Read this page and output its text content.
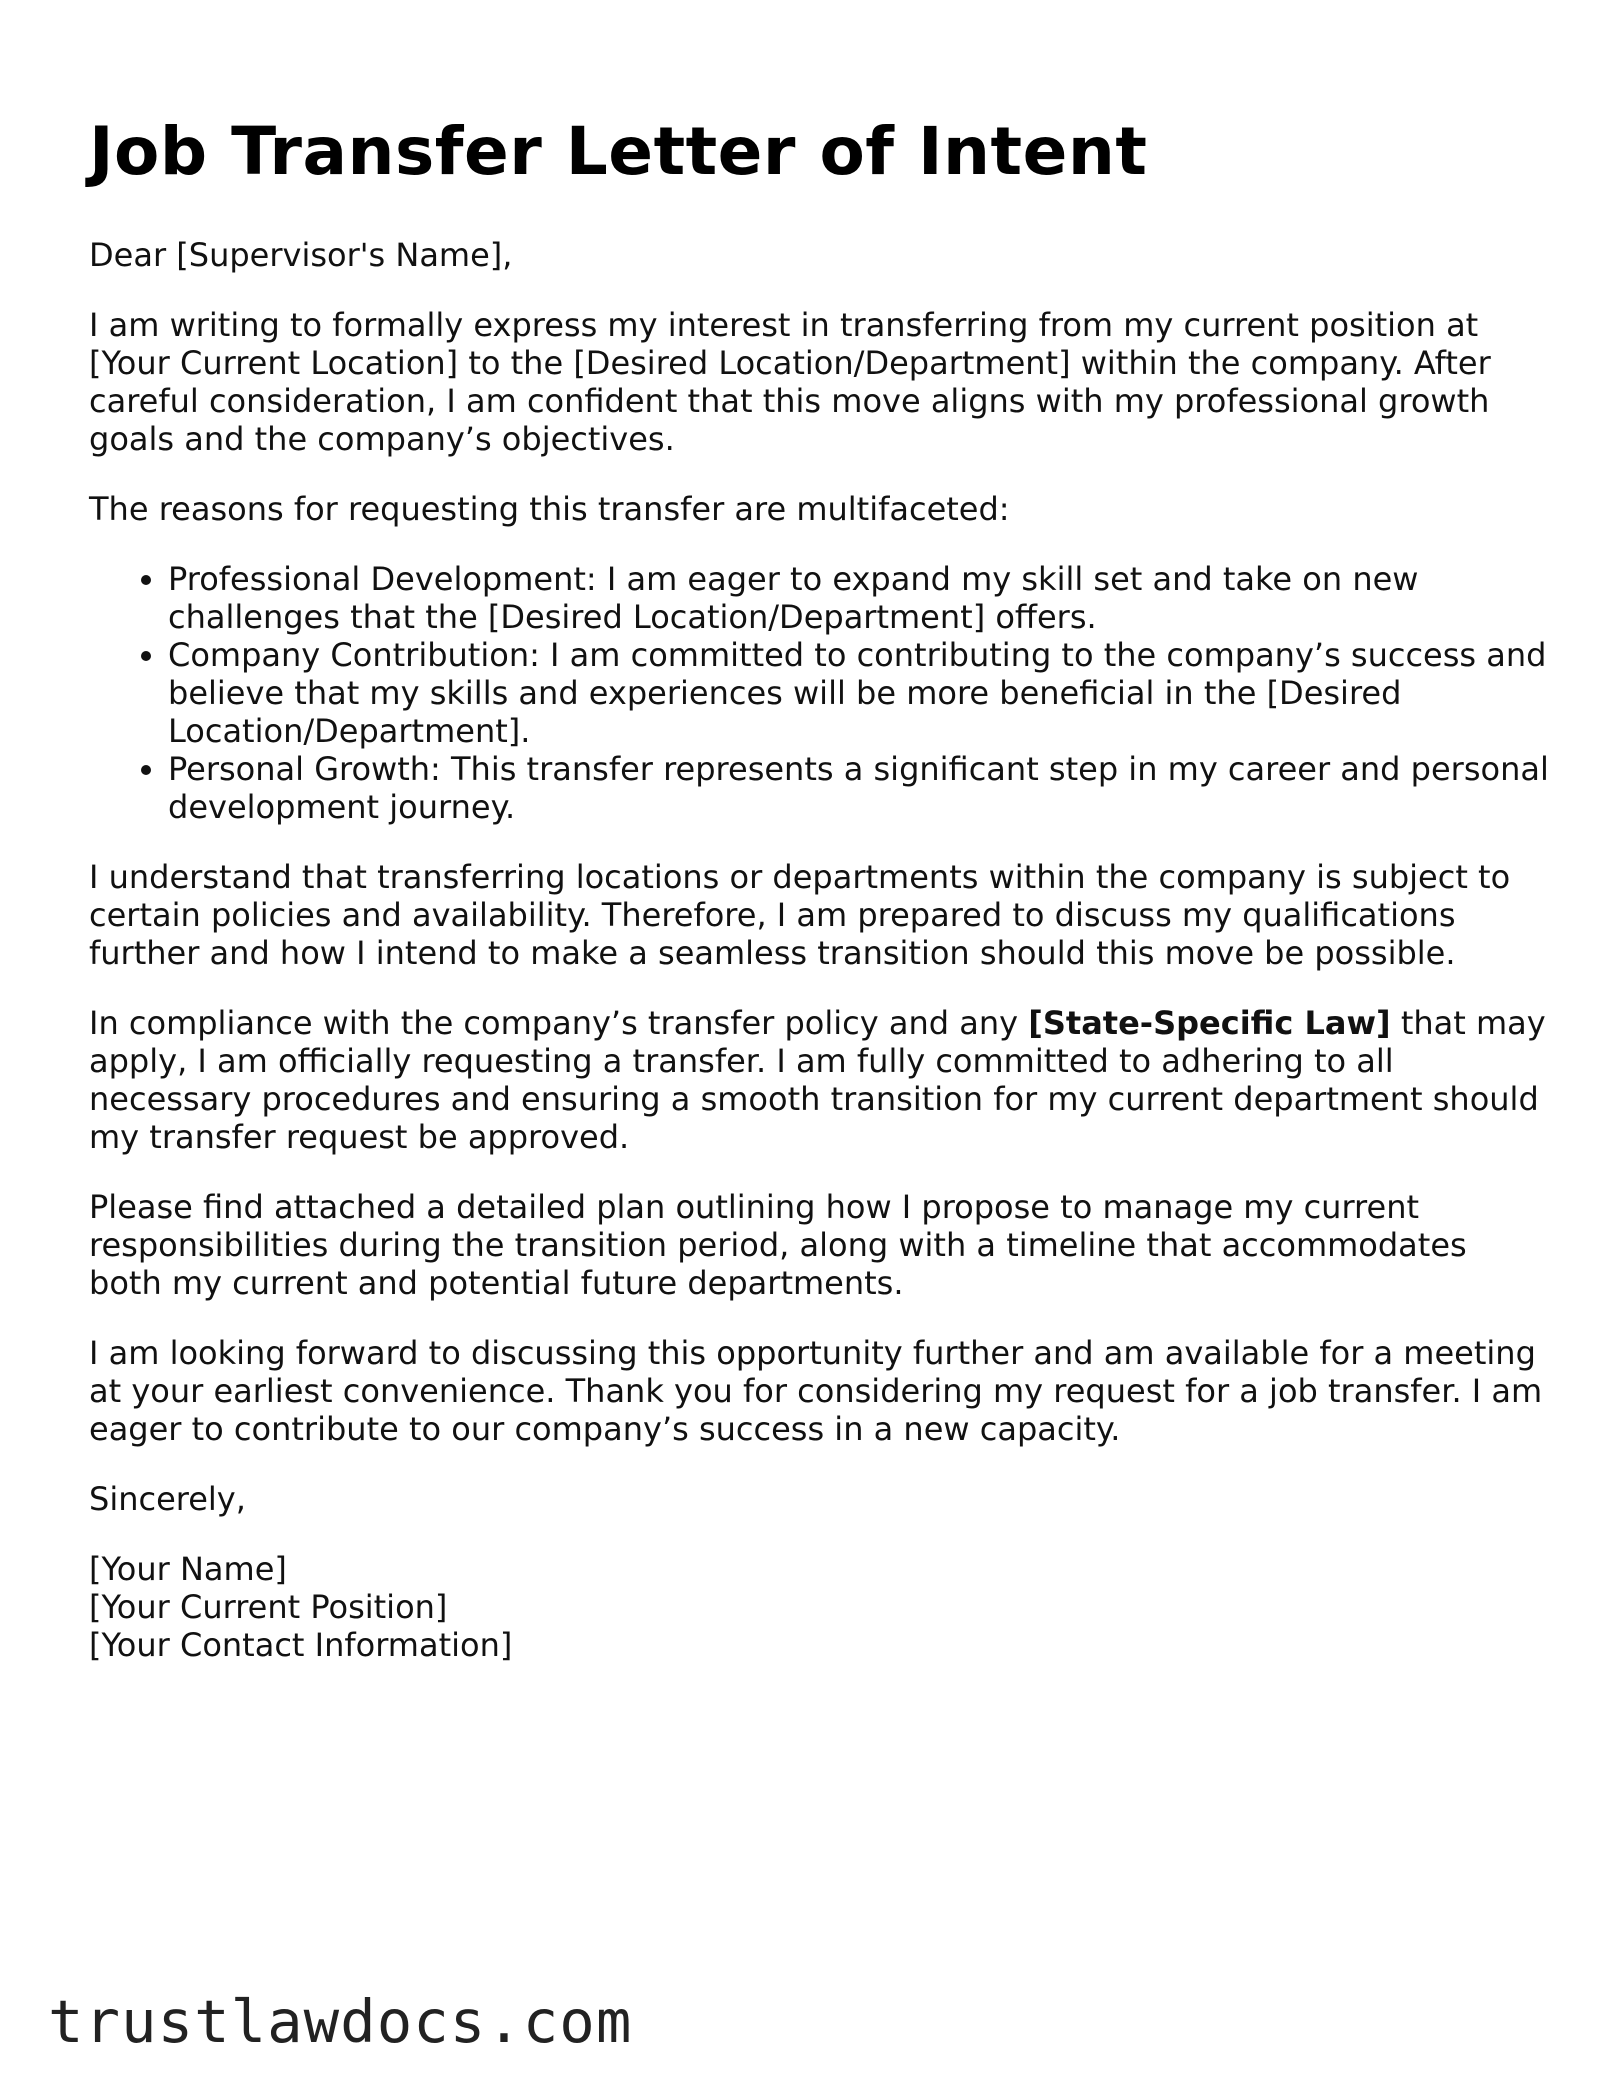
Job Transfer Letter of Intent

Dear [Supervisor's Name],

I am writing to formally express my interest in transferring from my current position at [Your Current Location] to the [Desired Location/Department] within the company. After careful consideration, I am confident that this move aligns with my professional growth goals and the company’s objectives.

The reasons for requesting this transfer are multifaceted:

• Professional Development: I am eager to expand my skill set and take on new challenges that the [Desired Location/Department] offers.
• Company Contribution: I am committed to contributing to the company’s success and believe that my skills and experiences will be more beneficial in the [Desired Location/Department].
• Personal Growth: This transfer represents a significant step in my career and personal development journey.

I understand that transferring locations or departments within the company is subject to certain policies and availability. Therefore, I am prepared to discuss my qualifications further and how I intend to make a seamless transition should this move be possible.

In compliance with the company’s transfer policy and any [State-Specific Law] that may apply, I am officially requesting a transfer. I am fully committed to adhering to all necessary procedures and ensuring a smooth transition for my current department should my transfer request be approved.

Please find attached a detailed plan outlining how I propose to manage my current responsibilities during the transition period, along with a timeline that accommodates both my current and potential future departments.

I am looking forward to discussing this opportunity further and am available for a meeting at your earliest convenience. Thank you for considering my request for a job transfer. I am eager to contribute to our company’s success in a new capacity.

Sincerely,

[Your Name]

[Your Current Position]

[Your Contact Information]

trustlawdocs.com
